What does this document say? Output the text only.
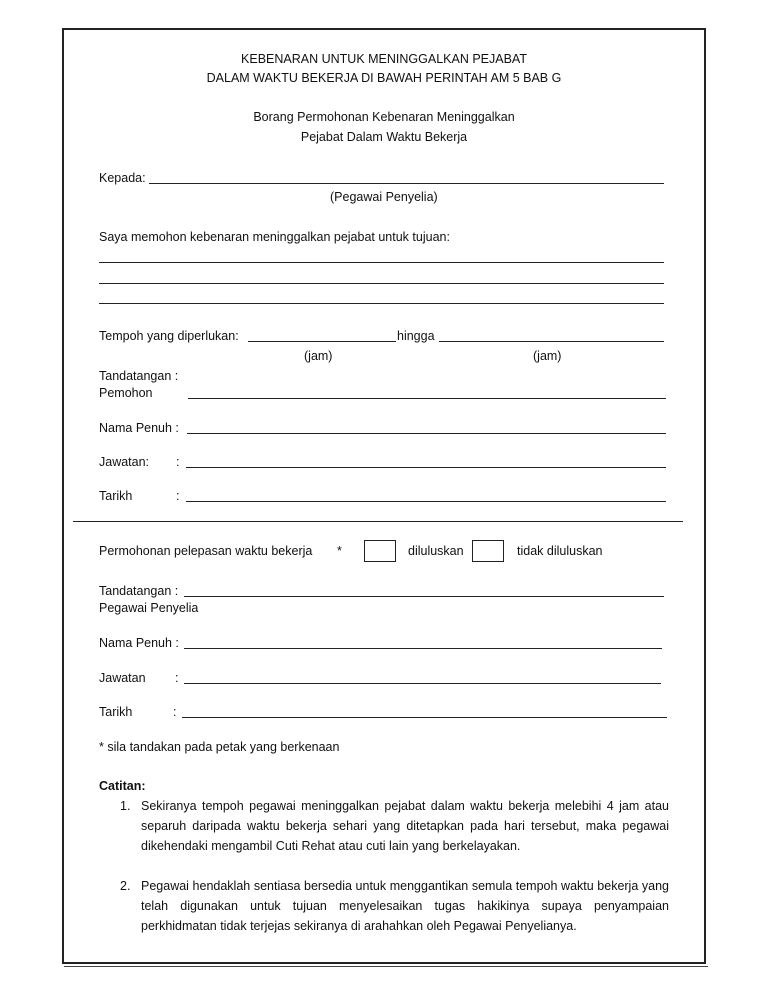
KEBENARAN UNTUK MENINGGALKAN PEJABAT
DALAM WAKTU BEKERJA DI BAWAH PERINTAH AM 5 BAB G
Borang Permohonan Kebenaran Meninggalkan
Pejabat Dalam Waktu Bekerja
Kepada:
(Pegawai Penyelia)
Saya memohon kebenaran meninggalkan pejabat untuk tujuan:
Tempoh yang diperlukan:	hingga
(jam)	(jam)
Tandatangan :
Pemohon
Nama Penuh :
Jawatan: :
Tarikh	:
Permohonan pelepasan waktu bekerja *	diluluskan	tidak diluluskan
Tandatangan :
Pegawai Penyelia
Nama Penuh :
Jawatan :
Tarikh	:
* sila tandakan pada petak yang berkenaan
Catitan:
1. Sekiranya tempoh pegawai meninggalkan pejabat dalam waktu bekerja melebihi 4 jam atau separuh daripada waktu bekerja sehari yang ditetapkan pada hari tersebut, maka pegawai dikehendaki mengambil Cuti Rehat atau cuti lain yang berkelayakan.
2. Pegawai hendaklah sentiasa bersedia untuk menggantikan semula tempoh waktu bekerja yang telah digunakan untuk tujuan menyelesaikan tugas hakikinya supaya penyampaian perkhidmatan tidak terjejas sekiranya di arahahkan oleh Pegawai Penyelianya.
